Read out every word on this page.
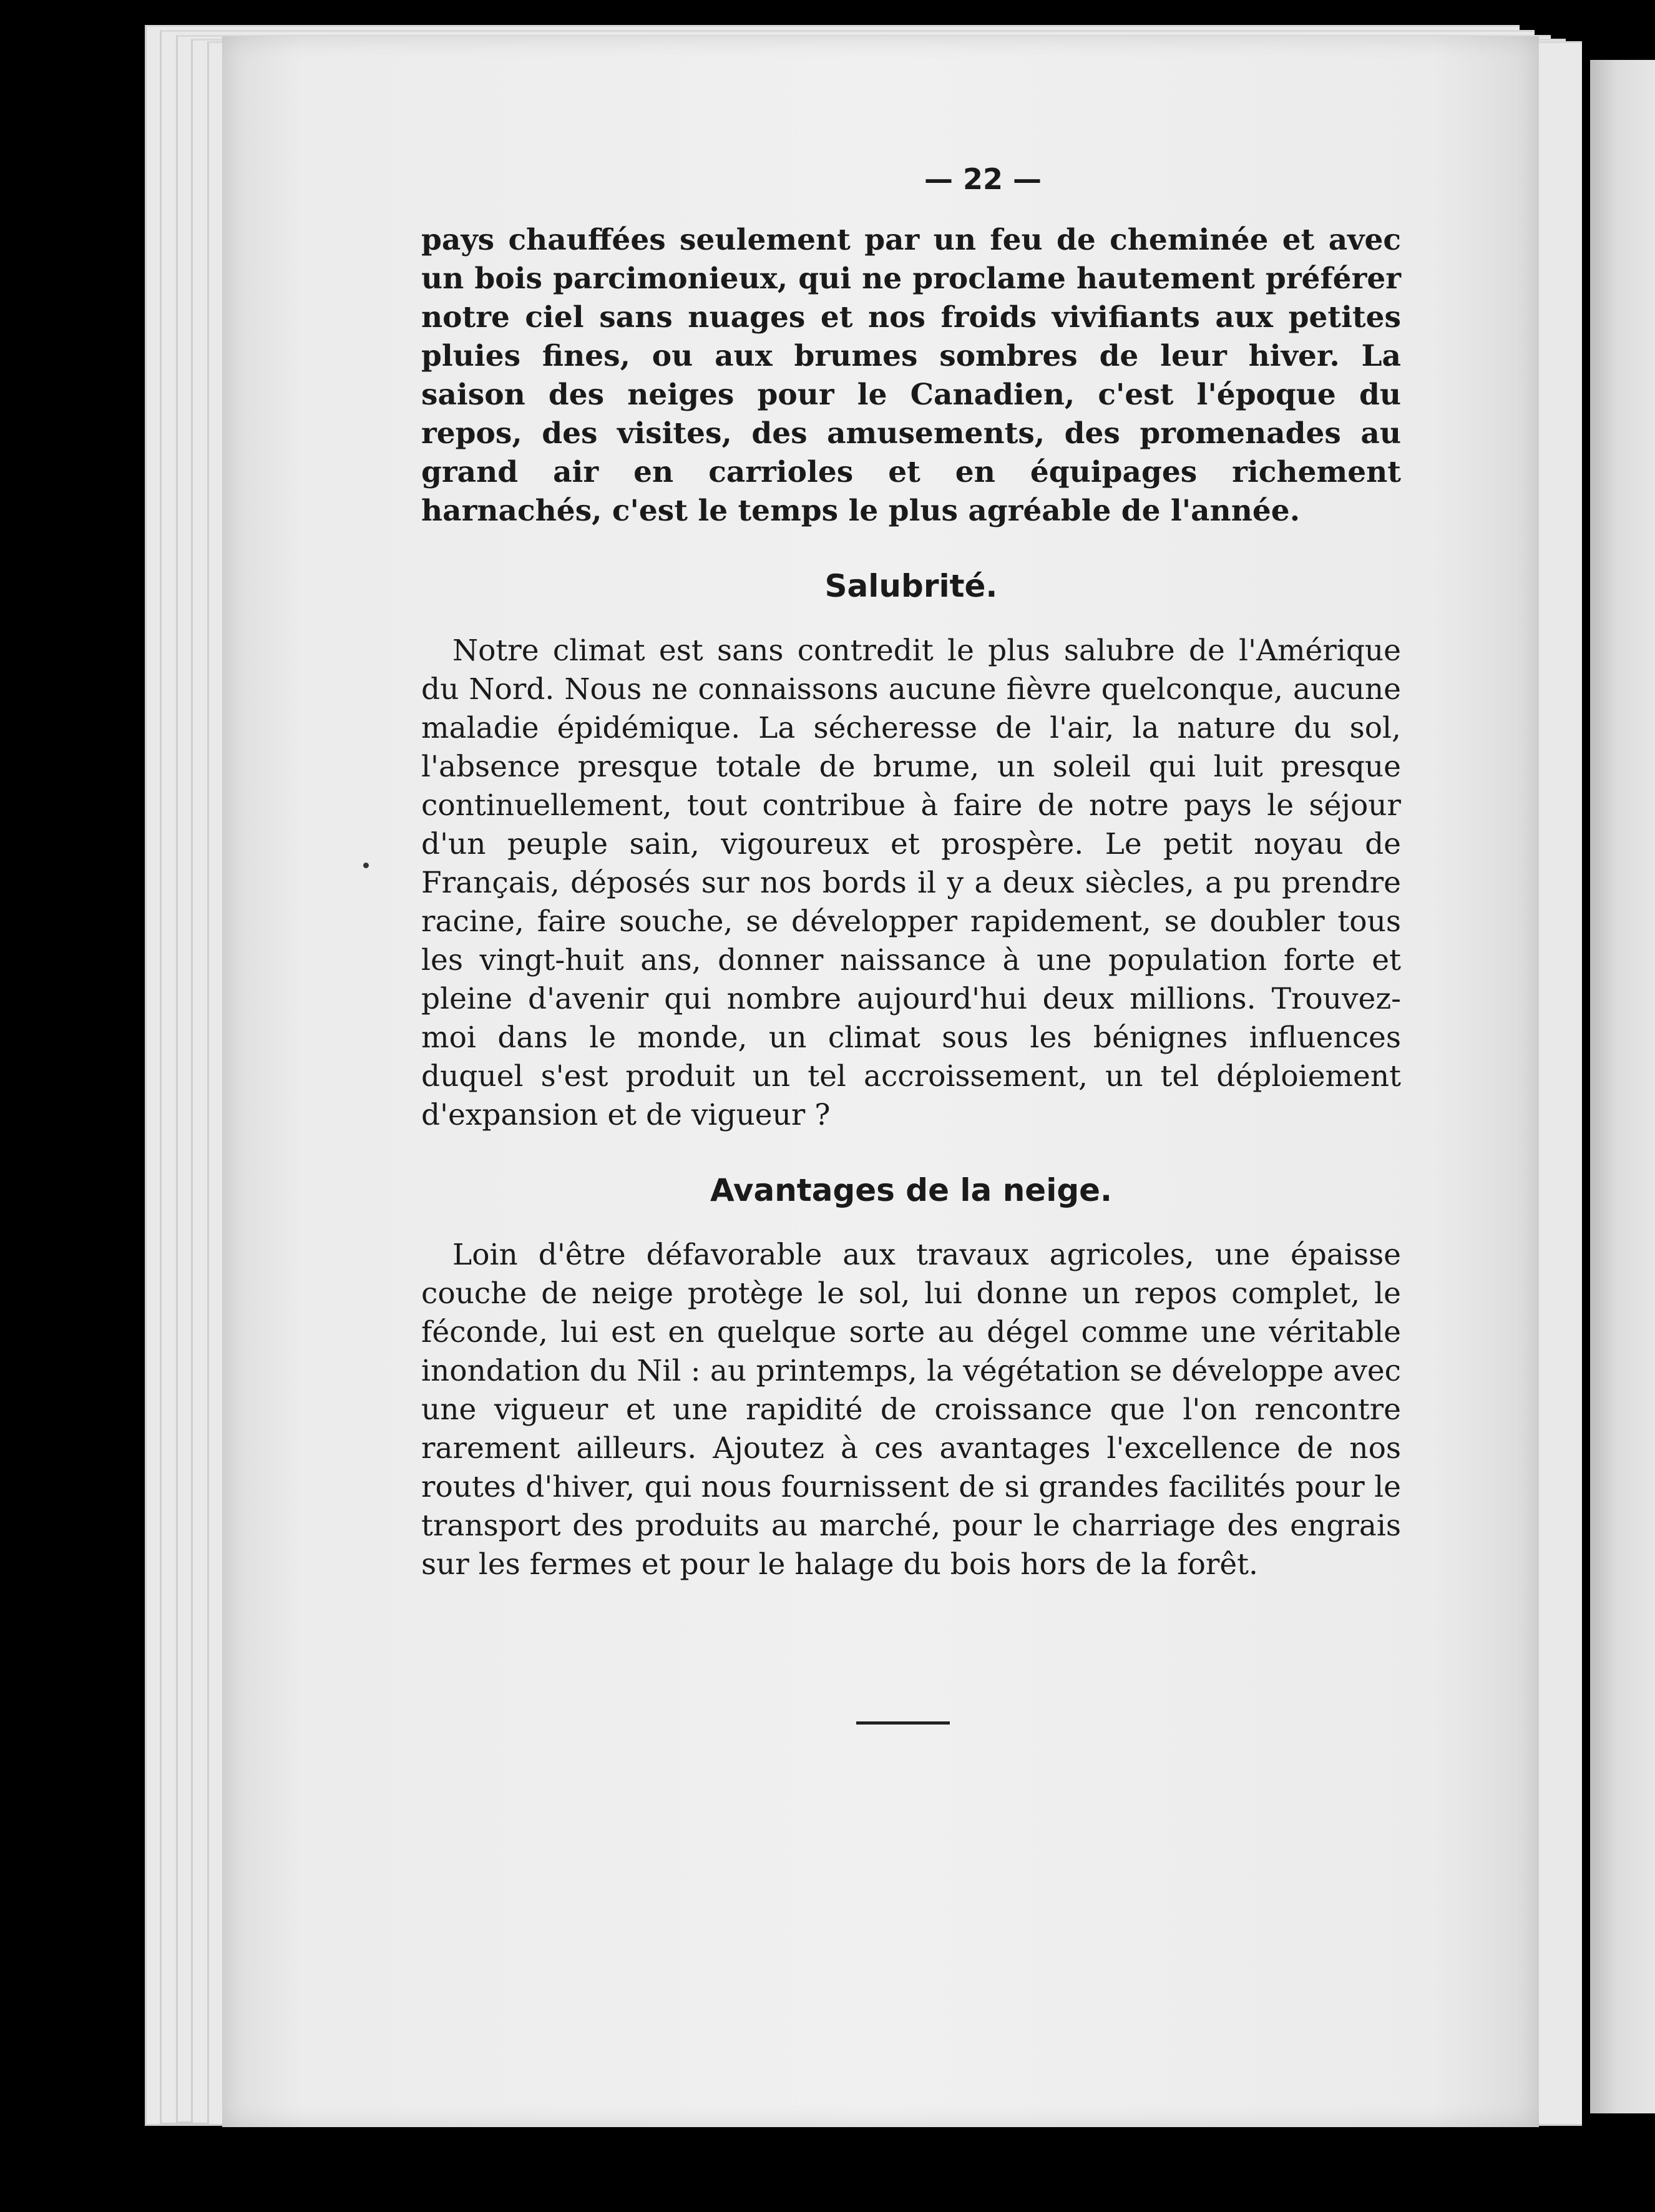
— 22 —

pays chauffées seulement par un feu de cheminée et avec un bois parcimonieux, qui ne proclame hautement préférer notre ciel sans nuages et nos froids vivifiants aux petites pluies fines, ou aux brumes sombres de leur hiver. La saison des neiges pour le Canadien, c'est l'époque du repos, des visites, des amusements, des promenades au grand air en carrioles et en équipages richement harnachés, c'est le temps le plus agréable de l'année.

Salubrité.

Notre climat est sans contredit le plus salubre de l'Amérique du Nord. Nous ne connaissons aucune fièvre quelconque, aucune maladie épidémique. La sécheresse de l'air, la nature du sol, l'absence presque totale de brume, un soleil qui luit presque continuellement, tout contribue à faire de notre pays le séjour d'un peuple sain, vigoureux et prospère. Le petit noyau de Français, déposés sur nos bords il y a deux siècles, a pu prendre racine, faire souche, se développer rapidement, se doubler tous les vingt-huit ans, donner naissance à une population forte et pleine d'avenir qui nombre aujourd'hui deux millions. Trouvez-moi dans le monde, un climat sous les bénignes influences duquel s'est produit un tel accroissement, un tel déploiement d'expansion et de vigueur ?

Avantages de la neige.

Loin d'être défavorable aux travaux agricoles, une épaisse couche de neige protège le sol, lui donne un repos complet, le féconde, lui est en quelque sorte au dégel comme une véritable inondation du Nil : au printemps, la végétation se développe avec une vigueur et une rapidité de croissance que l'on rencontre rarement ailleurs. Ajoutez à ces avantages l'excellence de nos routes d'hiver, qui nous fournissent de si grandes facilités pour le transport des produits au marché, pour le charriage des engrais sur les fermes et pour le halage du bois hors de la forêt.
